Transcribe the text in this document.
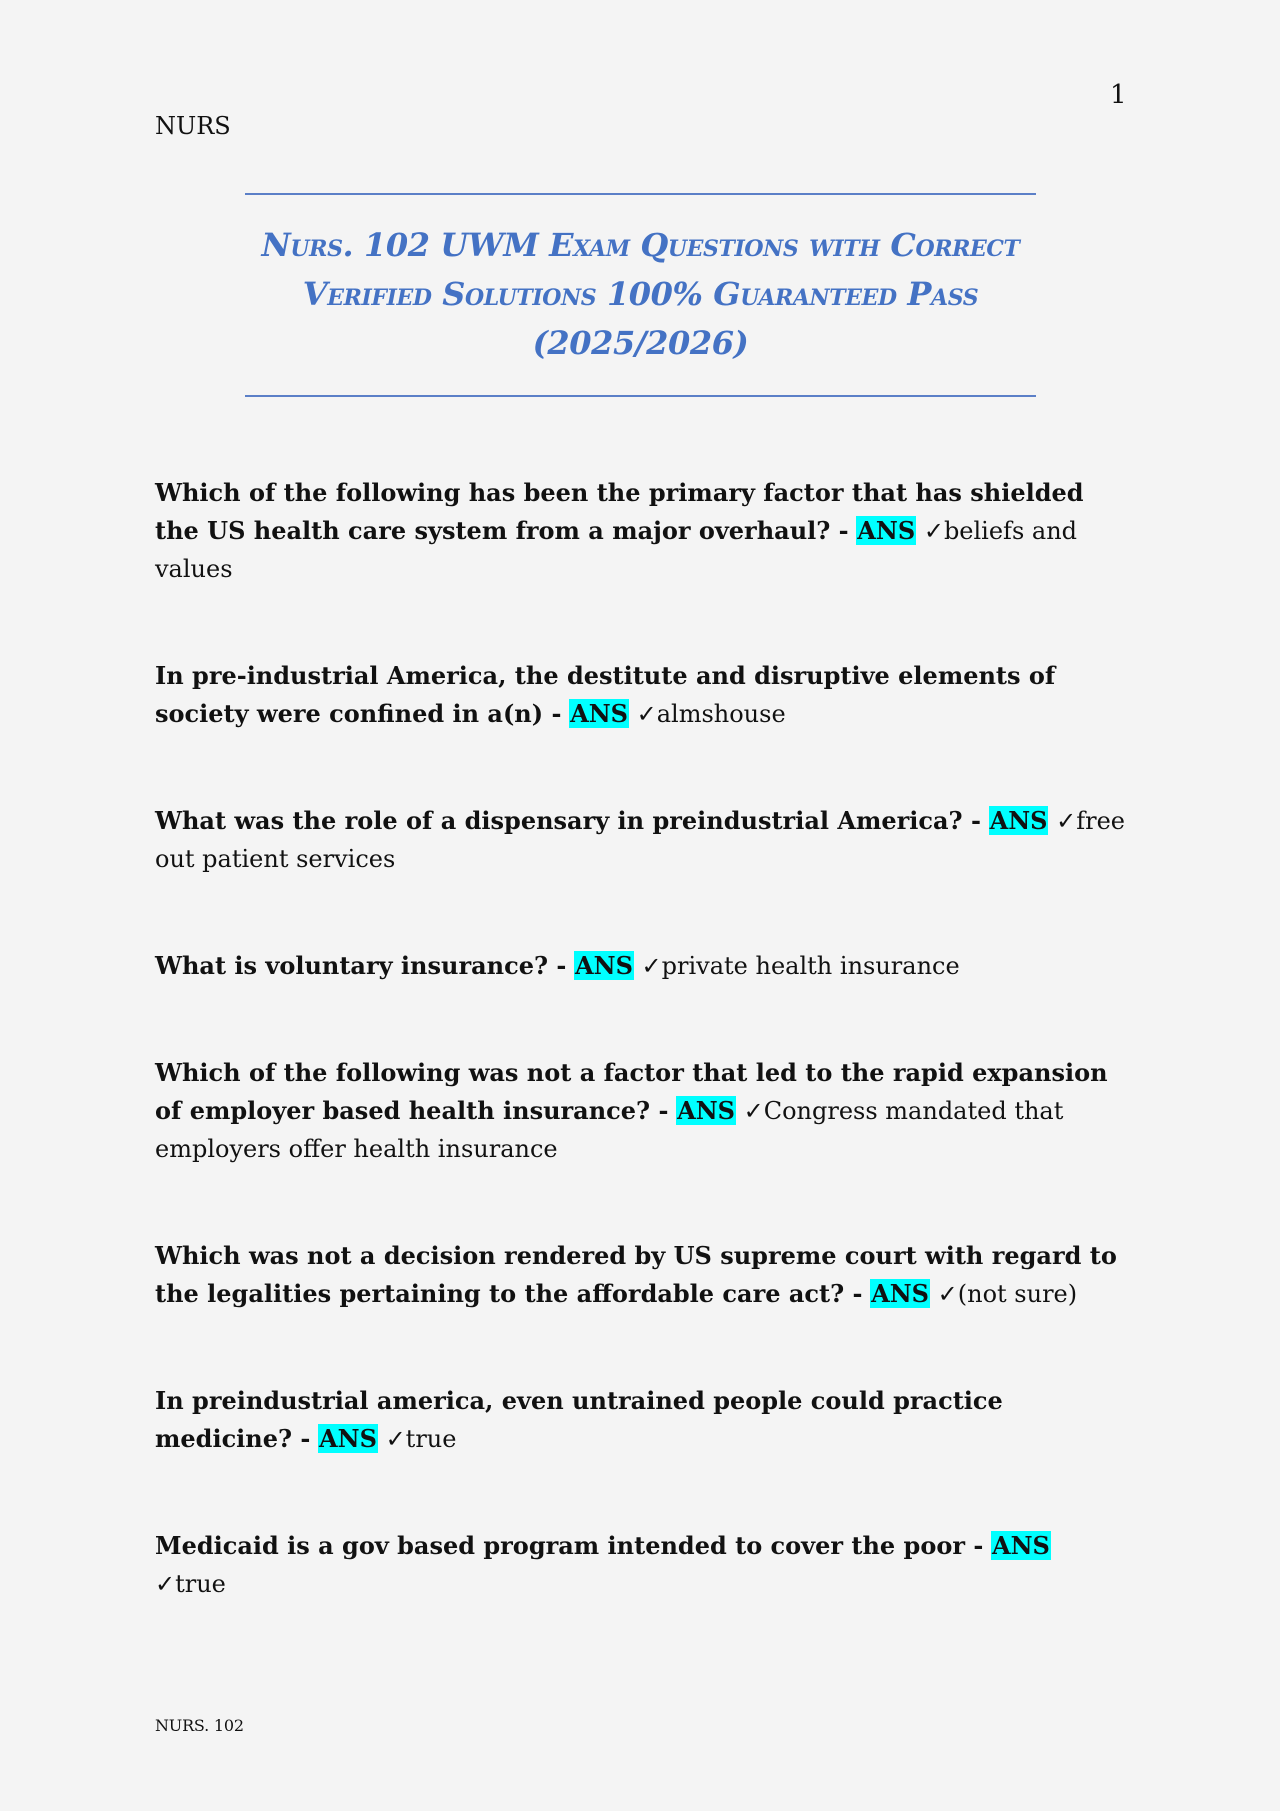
1
NURS
Nurs. 102 UWM Exam Questions with Correct
Verified Solutions 100% Guaranteed Pass
(2025/2026)

Which of the following has been the primary factor that has shielded the US health care system from a major overhaul? - ANS ✓beliefs and values

In pre-industrial America, the destitute and disruptive elements of society were confined in a(n) - ANS ✓almshouse

What was the role of a dispensary in preindustrial America? - ANS ✓free out patient services

What is voluntary insurance? - ANS ✓private health insurance

Which of the following was not a factor that led to the rapid expansion of employer based health insurance? - ANS ✓Congress mandated that employers offer health insurance

Which was not a decision rendered by US supreme court with regard to the legalities pertaining to the affordable care act? - ANS ✓(not sure)

In preindustrial america, even untrained people could practice medicine? - ANS ✓true

Medicaid is a gov based program intended to cover the poor - ANS ✓true

NURS. 102
